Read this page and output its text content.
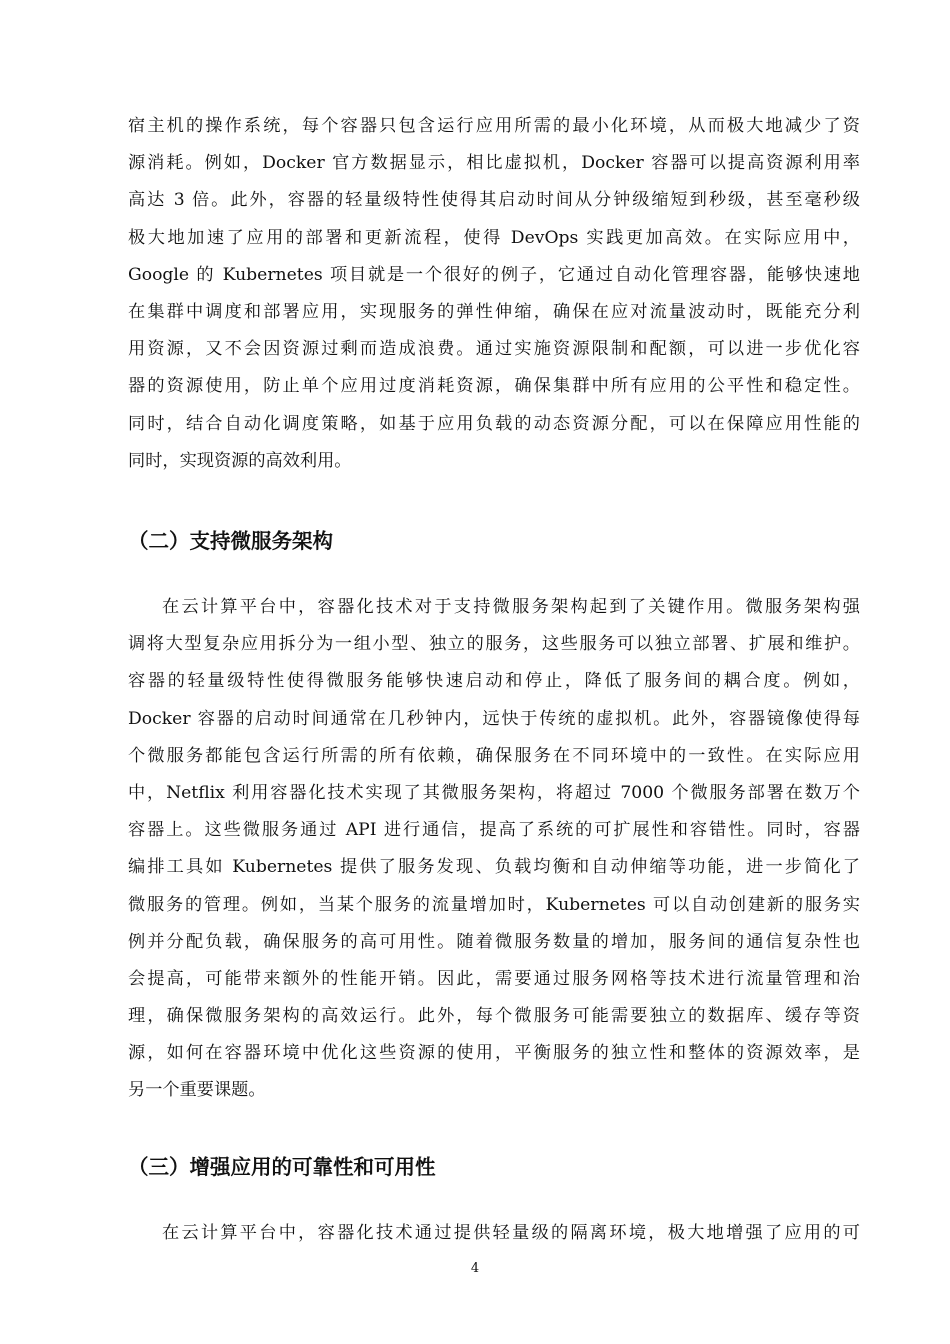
宿主机的操作系统，每个容器只包含运行应用所需的最小化环境，从而极大地减少了资
源消耗。例如，Docker 官方数据显示，相比虚拟机，Docker 容器可以提高资源利用率
高达 3 倍。此外，容器的轻量级特性使得其启动时间从分钟级缩短到秒级，甚至毫秒级
极大地加速了应用的部署和更新流程，使得 DevOps 实践更加高效。在实际应用中，
Google 的 Kubernetes 项目就是一个很好的例子，它通过自动化管理容器，能够快速地
在集群中调度和部署应用，实现服务的弹性伸缩，确保在应对流量波动时，既能充分利
用资源，又不会因资源过剩而造成浪费。通过实施资源限制和配额，可以进一步优化容
器的资源使用，防止单个应用过度消耗资源，确保集群中所有应用的公平性和稳定性。
同时，结合自动化调度策略，如基于应用负载的动态资源分配，可以在保障应用性能的
同时，实现资源的高效利用。
（二）支持微服务架构
在云计算平台中，容器化技术对于支持微服务架构起到了关键作用。微服务架构强
调将大型复杂应用拆分为一组小型、独立的服务，这些服务可以独立部署、扩展和维护。
容器的轻量级特性使得微服务能够快速启动和停止，降低了服务间的耦合度。例如，
Docker 容器的启动时间通常在几秒钟内，远快于传统的虚拟机。此外，容器镜像使得每
个微服务都能包含运行所需的所有依赖，确保服务在不同环境中的一致性。在实际应用
中，Netflix 利用容器化技术实现了其微服务架构，将超过 7000 个微服务部署在数万个
容器上。这些微服务通过 API 进行通信，提高了系统的可扩展性和容错性。同时，容器
编排工具如 Kubernetes 提供了服务发现、负载均衡和自动伸缩等功能，进一步简化了
微服务的管理。例如，当某个服务的流量增加时，Kubernetes 可以自动创建新的服务实
例并分配负载，确保服务的高可用性。随着微服务数量的增加，服务间的通信复杂性也
会提高，可能带来额外的性能开销。因此，需要通过服务网格等技术进行流量管理和治
理，确保微服务架构的高效运行。此外，每个微服务可能需要独立的数据库、缓存等资
源，如何在容器环境中优化这些资源的使用，平衡服务的独立性和整体的资源效率，是
另一个重要课题。
（三）增强应用的可靠性和可用性
在云计算平台中，容器化技术通过提供轻量级的隔离环境，极大地增强了应用的可
4
